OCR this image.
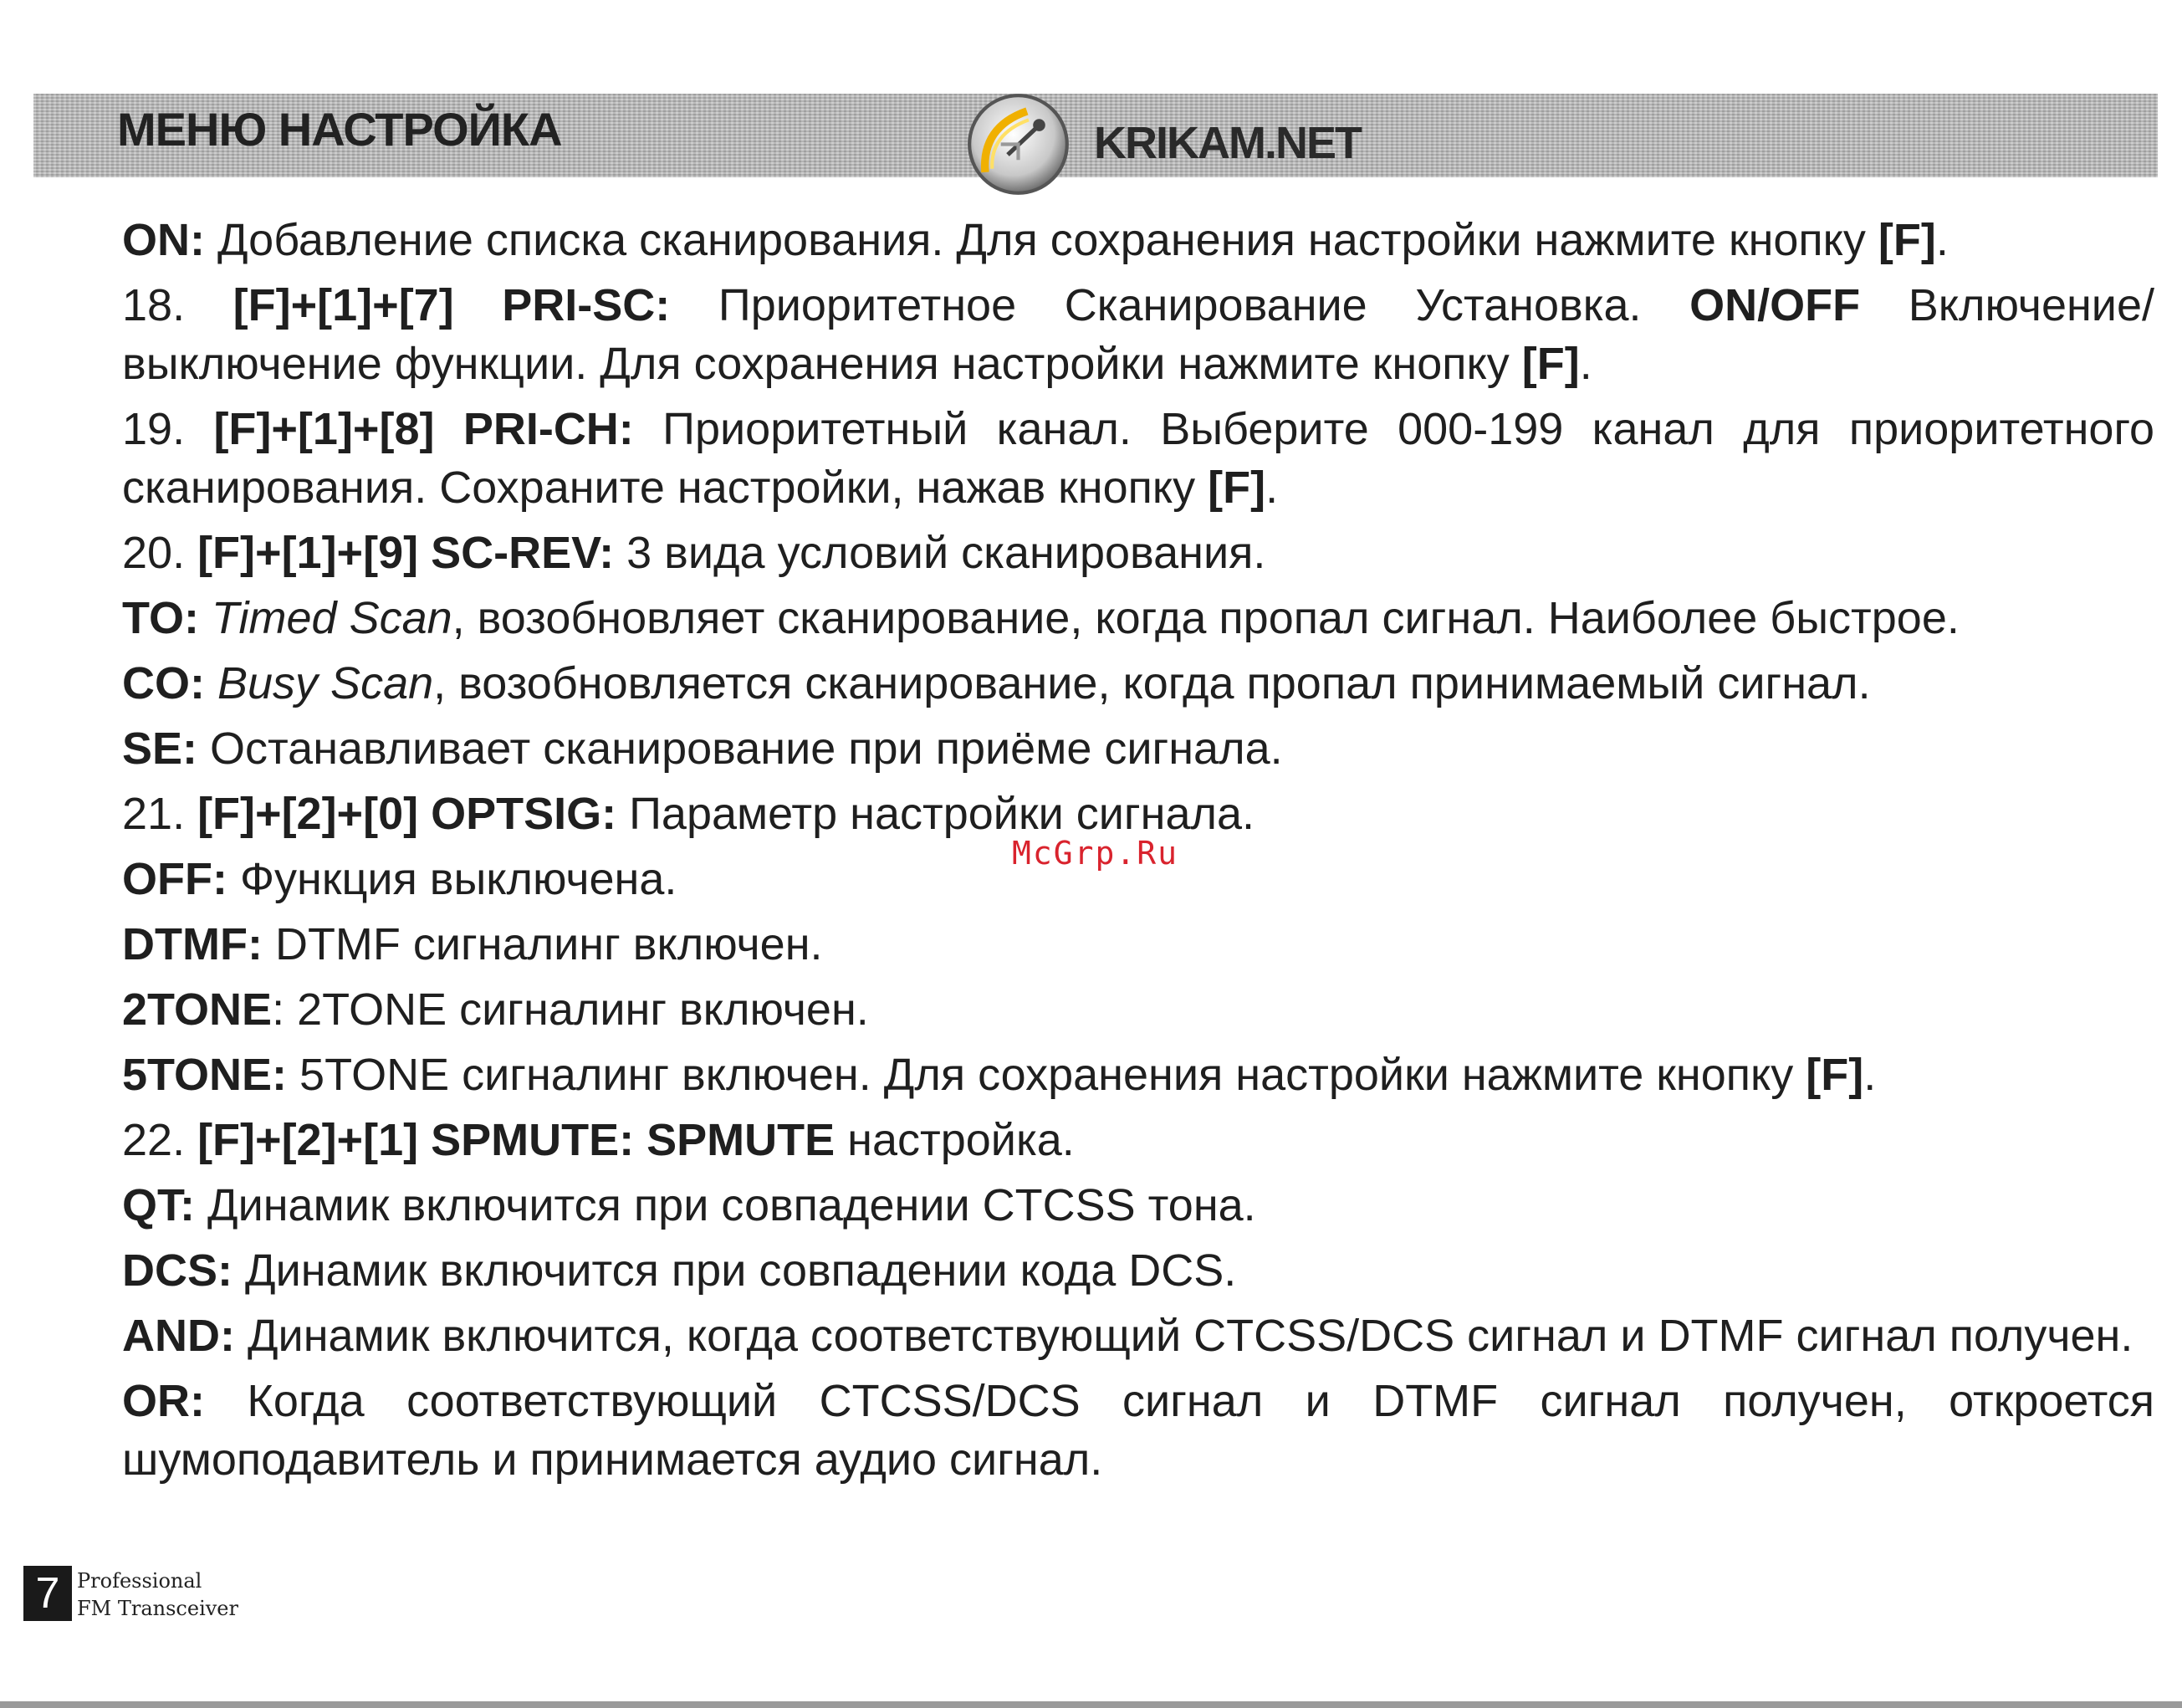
МЕНЮ НАСТРОЙКА	KRIKAM.NET

ON: Добавление списка сканирования. Для сохранения настройки нажмите кнопку [F].

18. [F]+[1]+[7] PRI-SC: Приоритетное Сканирование Установка. ON/OFF Включение/ выключение функции. Для сохранения настройки нажмите кнопку [F].

19. [F]+[1]+[8] PRI-CH: Приоритетный канал. Выберите 000-199 канал для приоритетного сканирования. Сохраните настройки, нажав кнопку [F].

20. [F]+[1]+[9] SC-REV: 3 вида условий сканирования.

TO: Timed Scan, возобновляет сканирование, когда пропал сигнал. Наиболее быстрое.

CO: Busy Scan, возобновляется сканирование, когда пропал принимаемый сигнал.

SE: Останавливает сканирование при приёме сигнала.

21. [F]+[2]+[0] OPTSIG: Параметр настройки сигнала.

OFF: Функция выключена.

DTMF: DTMF сигналинг включен.

2TONE: 2TONE сигналинг включен.

5TONE: 5TONE сигналинг включен. Для сохранения настройки нажмите кнопку [F].

22. [F]+[2]+[1] SPMUTE: SPMUTE настройка.

QT: Динамик включится при совпадении CTCSS тона.

DCS: Динамик включится при совпадении кода DCS.

AND: Динамик включится, когда соответствующий CTCSS/DCS сигнал и DTMF сигнал получен.

OR: Когда соответствующий CTCSS/DCS сигнал и DTMF сигнал получен, откроется шумоподавитель и принимается аудио сигнал.

McGrp.Ru
7 Professional
FM Transceiver
